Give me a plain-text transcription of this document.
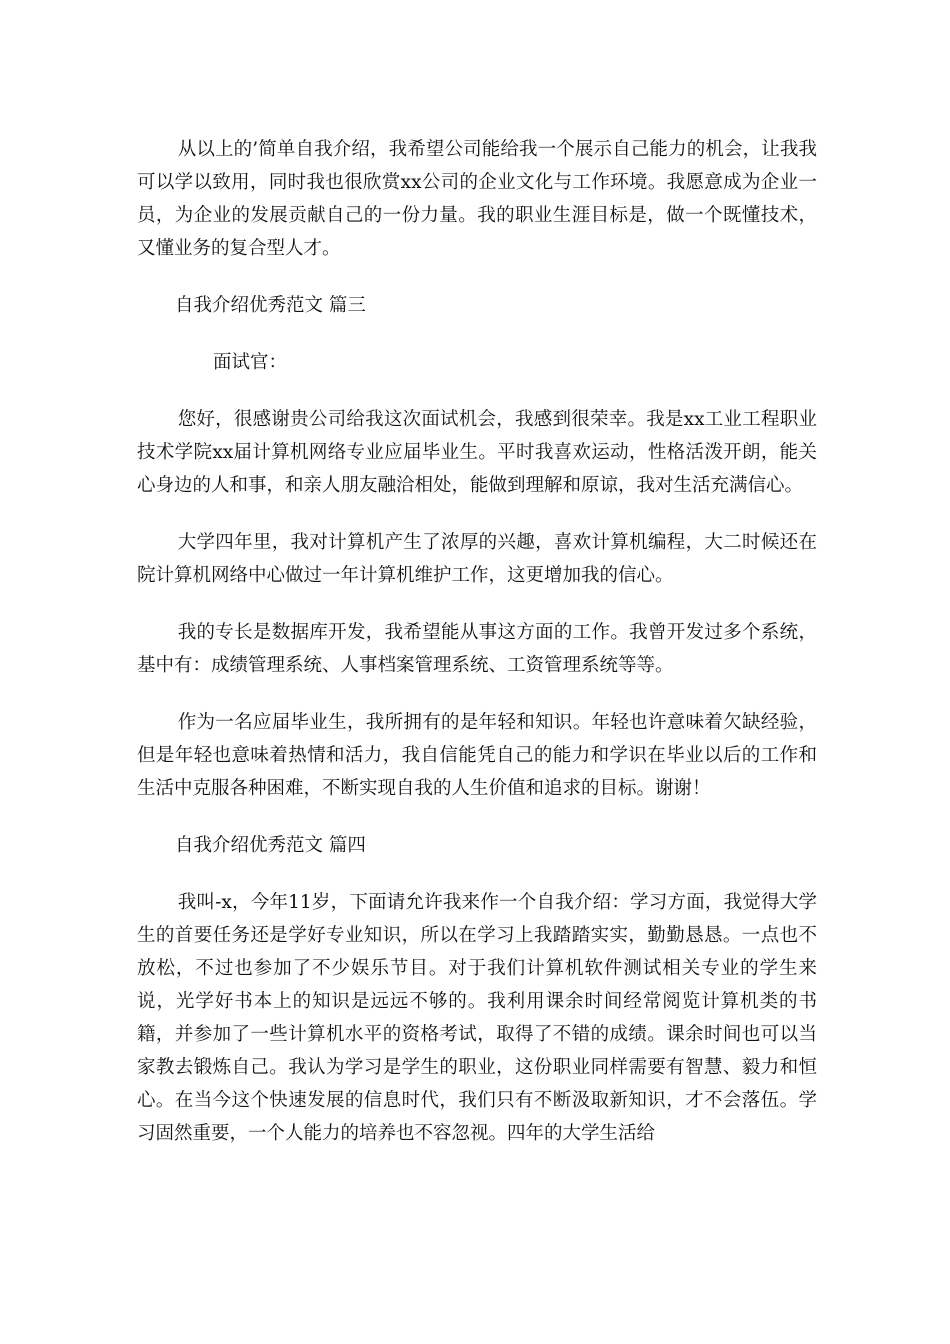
从以上的’简单自我介绍，我希望公司能给我一个展示自己能力的机会，让我我可以学以致用，同时我也很欣赏xx公司的企业文化与工作环境。我愿意成为企业一员，为企业的发展贡献自己的一份力量。我的职业生涯目标是，做一个既懂技术，又懂业务的复合型人才。

自我介绍优秀范文 篇三

面试官：

您好，很感谢贵公司给我这次面试机会，我感到很荣幸。我是xx工业工程职业技术学院xx届计算机网络专业应届毕业生。平时我喜欢运动，性格活泼开朗，能关心身边的人和事，和亲人朋友融洽相处，能做到理解和原谅，我对生活充满信心。

大学四年里，我对计算机产生了浓厚的兴趣，喜欢计算机编程，大二时候还在院计算机网络中心做过一年计算机维护工作，这更增加我的信心。

我的专长是数据库开发，我希望能从事这方面的工作。我曾开发过多个系统，基中有：成绩管理系统、人事档案管理系统、工资管理系统等等。

作为一名应届毕业生，我所拥有的是年轻和知识。年轻也许意味着欠缺经验，但是年轻也意味着热情和活力，我自信能凭自己的能力和学识在毕业以后的工作和生活中克服各种困难，不断实现自我的人生价值和追求的目标。谢谢！

自我介绍优秀范文 篇四

我叫-x，今年11岁，下面请允许我来作一个自我介绍：学习方面，我觉得大学生的首要任务还是学好专业知识，所以在学习上我踏踏实实，勤勤恳恳。一点也不放松，不过也参加了不少娱乐节目。对于我们计算机软件测试相关专业的学生来说，光学好书本上的知识是远远不够的。我利用课余时间经常阅览计算机类的书籍，并参加了一些计算机水平的资格考试，取得了不错的成绩。课余时间也可以当家教去锻炼自己。我认为学习是学生的职业，这份职业同样需要有智慧、毅力和恒心。在当今这个快速发展的信息时代，我们只有不断汲取新知识，才不会落伍。学习固然重要，一个人能力的培养也不容忽视。四年的大学生活给
